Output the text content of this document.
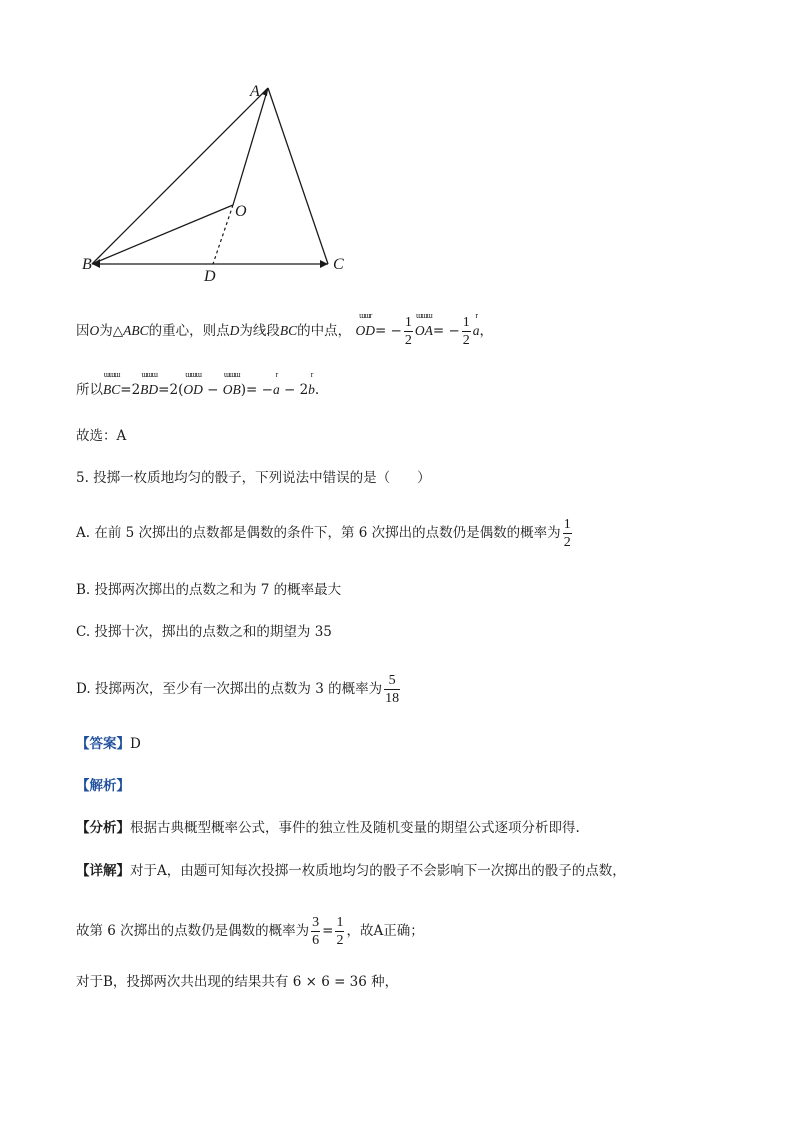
A
B	C
D
O
因O为△ABC的重心，则点D为线段BC的中点，
ɯɯr
$OD= - \frac{1}{2}$ ɯɯɯ
$OA= - \frac{1}{2}$ r
a，
所以
ɯɯɯ
BC=2
ɯɯɯ
BD=2(
ɯɯɯ
OD −
ɯɯɯ
OB)= −
r
a − 2
r
b.
故选：A
5. 投掷一枚质地均匀的骰子，下列说法中错误的是（　　）
A. 在前 5 次掷出的点数都是偶数的条件下，第 6 次掷出的点数仍是偶数的概率为 $\frac{1}{2}$
B. 投掷两次掷出的点数之和为 7 的概率最大
C. 投掷十次，掷出的点数之和的期望为 35
D. 投掷两次，至少有一次掷出的点数为 3 的概率为 $\frac{5}{18}$
【答案】D
【解析】
【分析】根据古典概型概率公式，事件的独立性及随机变量的期望公式逐项分析即得.
【详解】对于A，由题可知每次投掷一枚质地均匀的骰子不会影响下一次掷出的骰子的点数，
故第 6 次掷出的点数仍是偶数的概率为 $\frac{3}{6} = \frac{1}{2}$ ，故A正确；
对于B，投掷两次共出现的结果共有 6 × 6 = 36 种，
